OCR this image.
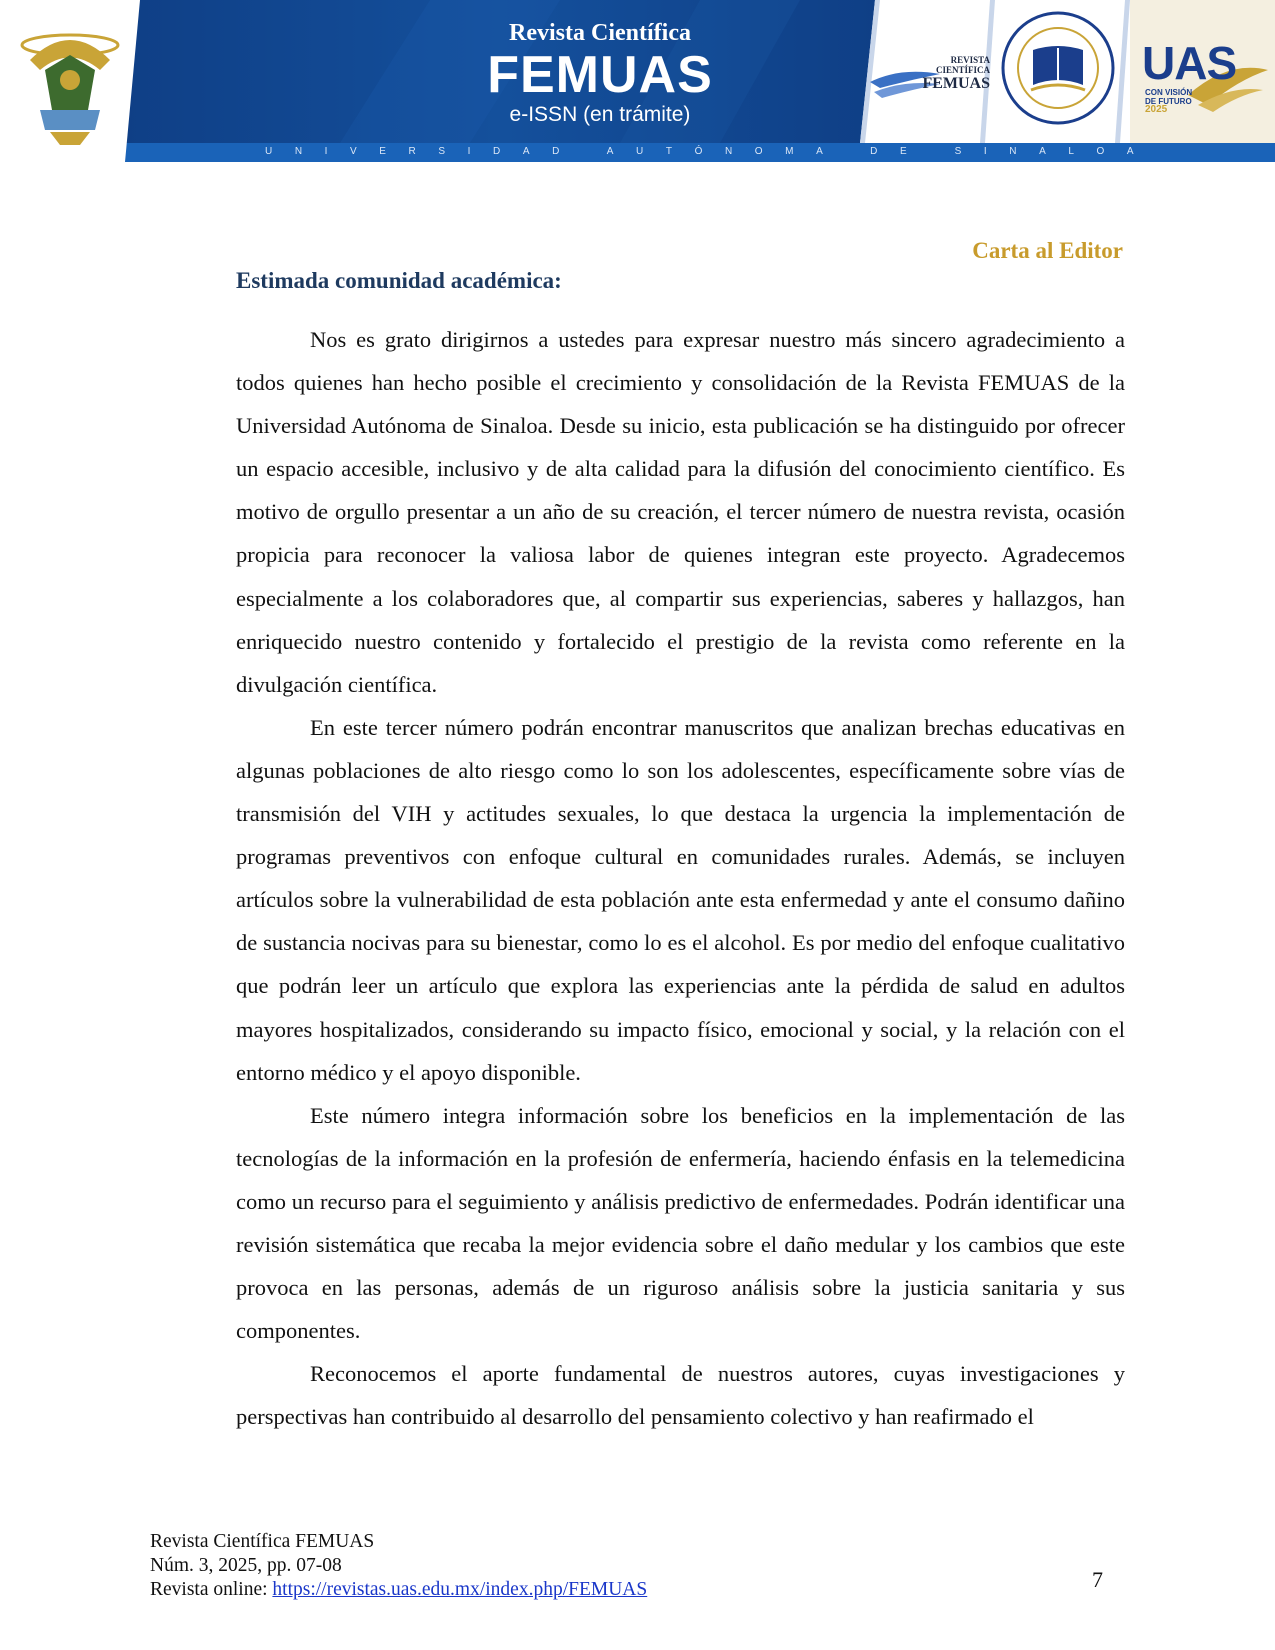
UNIVERSIDAD AUTÓNOMA DE SINALOA
Revista Científica
FEMUAS
e-ISSN (en trámite)
REVISTA
CIENTÍFICA
FEMUAS	UAS
CON VISIÓN DE FUTURO
2025
Carta al Editor
Estimada comunidad académica:

Nos es grato dirigirnos a ustedes para expresar nuestro más sincero agradecimiento a todos quienes han hecho posible el crecimiento y consolidación de la Revista FEMUAS de la Universidad Autónoma de Sinaloa. Desde su inicio, esta publicación se ha distinguido por ofrecer un espacio accesible, inclusivo y de alta calidad para la difusión del conocimiento científico. Es motivo de orgullo presentar a un año de su creación, el tercer número de nuestra revista, ocasión propicia para reconocer la valiosa labor de quienes integran este proyecto. Agradecemos especialmente a los colaboradores que, al compartir sus experiencias, saberes y hallazgos, han enriquecido nuestro contenido y fortalecido el prestigio de la revista como referente en la divulgación científica.

En este tercer número podrán encontrar manuscritos que analizan brechas educativas en algunas poblaciones de alto riesgo como lo son los adolescentes, específicamente sobre vías de transmisión del VIH y actitudes sexuales, lo que destaca la urgencia la implementación de programas preventivos con enfoque cultural en comunidades rurales. Además, se incluyen artículos sobre la vulnerabilidad de esta población ante esta enfermedad y ante el consumo dañino de sustancia nocivas para su bienestar, como lo es el alcohol. Es por medio del enfoque cualitativo que podrán leer un artículo que explora las experiencias ante la pérdida de salud en adultos mayores hospitalizados, considerando su impacto físico, emocional y social, y la relación con el entorno médico y el apoyo disponible.

Este número integra información sobre los beneficios en la implementación de las tecnologías de la información en la profesión de enfermería, haciendo énfasis en la telemedicina como un recurso para el seguimiento y análisis predictivo de enfermedades. Podrán identificar una revisión sistemática que recaba la mejor evidencia sobre el daño medular y los cambios que este provoca en las personas, además de un riguroso análisis sobre la justicia sanitaria y sus componentes.

Reconocemos el aporte fundamental de nuestros autores, cuyas investigaciones y perspectivas han contribuido al desarrollo del pensamiento colectivo y han reafirmado el

Revista Científica FEMUAS
Núm. 3, 2025, pp. 07-08
Revista online: https://revistas.uas.edu.mx/index.php/FEMUAS	7
